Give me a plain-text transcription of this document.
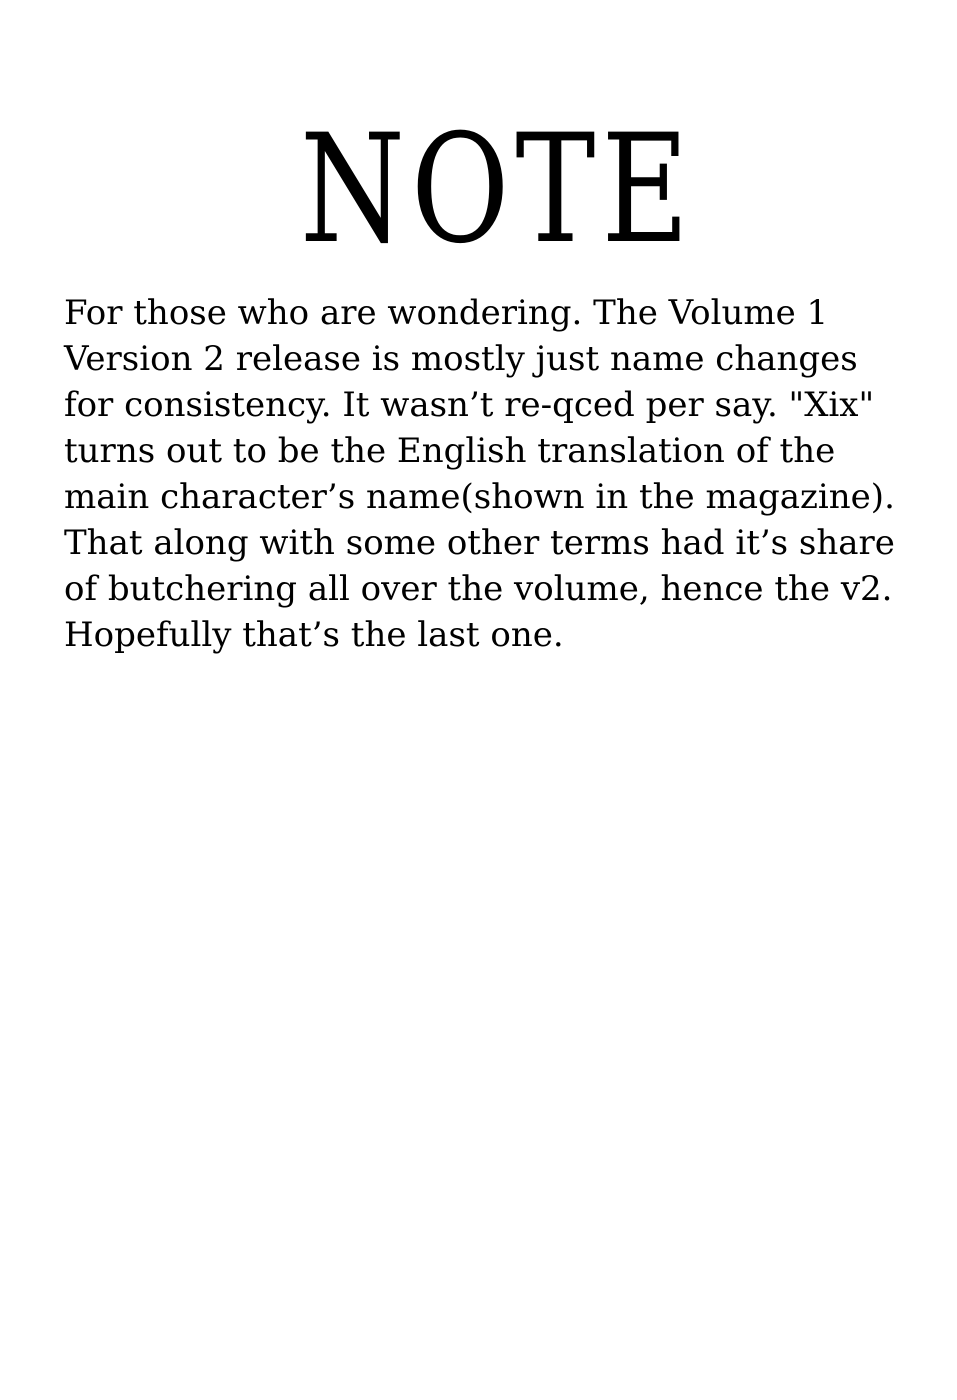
NOTE
For those who are wondering. The Volume 1
Version 2 release is mostly just name changes
for consistency. It wasn’t re-qced per say. "Xix"
turns out to be the English translation of the
main character’s name(shown in the magazine).
That along with some other terms had it’s share
of butchering all over the volume, hence the v2.
Hopefully that’s the last one.
